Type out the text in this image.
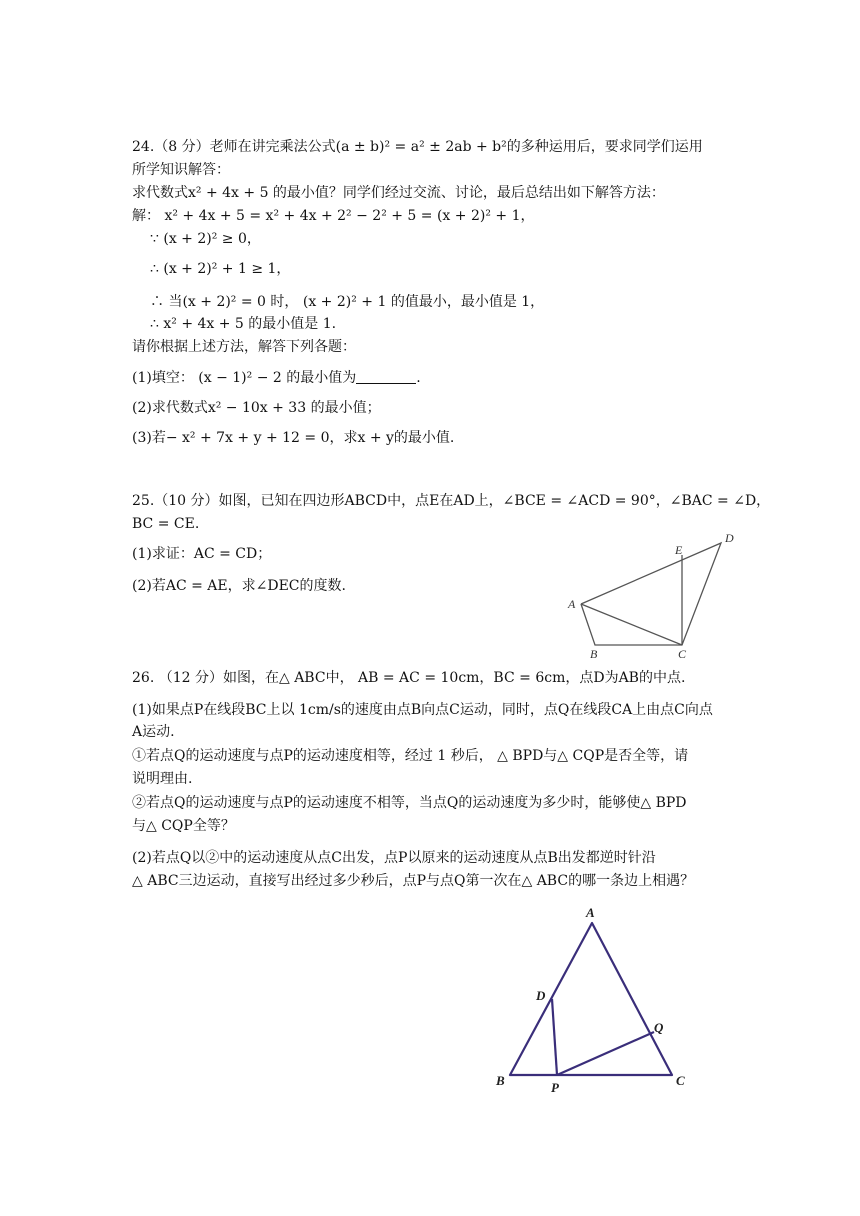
24.（8 分）老师在讲完乘法公式(a ± b)² = a² ± 2ab + b²的多种运用后，要求同学们运用
所学知识解答：
求代数式x² + 4x + 5 的最小值？同学们经过交流、讨论，最后总结出如下解答方法：
解： x² + 4x + 5 = x² + 4x + 2² − 2² + 5 = (x + 2)² + 1，
∵ (x + 2)² ≥ 0，
∴ (x + 2)² + 1 ≥ 1，
∴ 当(x + 2)² = 0 时， (x + 2)² + 1 的值最小，最小值是 1，
∴ x² + 4x + 5 的最小值是 1.
请你根据上述方法，解答下列各题：
(1)填空： (x − 1)² − 2 的最小值为	.
(2)求代数式x² − 10x + 33 的最小值；
(3)若− x² + 7x + y + 12 = 0，求x + y的最小值.
25.（10 分）如图，已知在四边形ABCD中，点E在AD上，∠BCE = ∠ACD = 90°，∠BAC = ∠D，
BC = CE.
(1)求证：AC = CD；
(2)若AC = AE，求∠DEC的度数.
A
B	C
D
E
26. （12 分）如图，在△ ABC中， AB = AC = 10cm，BC = 6cm，点D为AB的中点.
(1)如果点P在线段BC上以 1cm/s的速度由点B向点C运动，同时，点Q在线段CA上由点C向点
A运动.
①若点Q的运动速度与点P的运动速度相等，经过 1 秒后， △ BPD与△ CQP是否全等，请
说明理由.
②若点Q的运动速度与点P的运动速度不相等，当点Q的运动速度为多少时，能够使△ BPD
与△ CQP全等？
(2)若点Q以②中的运动速度从点C出发，点P以原来的运动速度从点B出发都逆时针沿
△ ABC三边运动，直接写出经过多少秒后，点P与点Q第一次在△ ABC的哪一条边上相遇？
A
D
Q
B	P	C
